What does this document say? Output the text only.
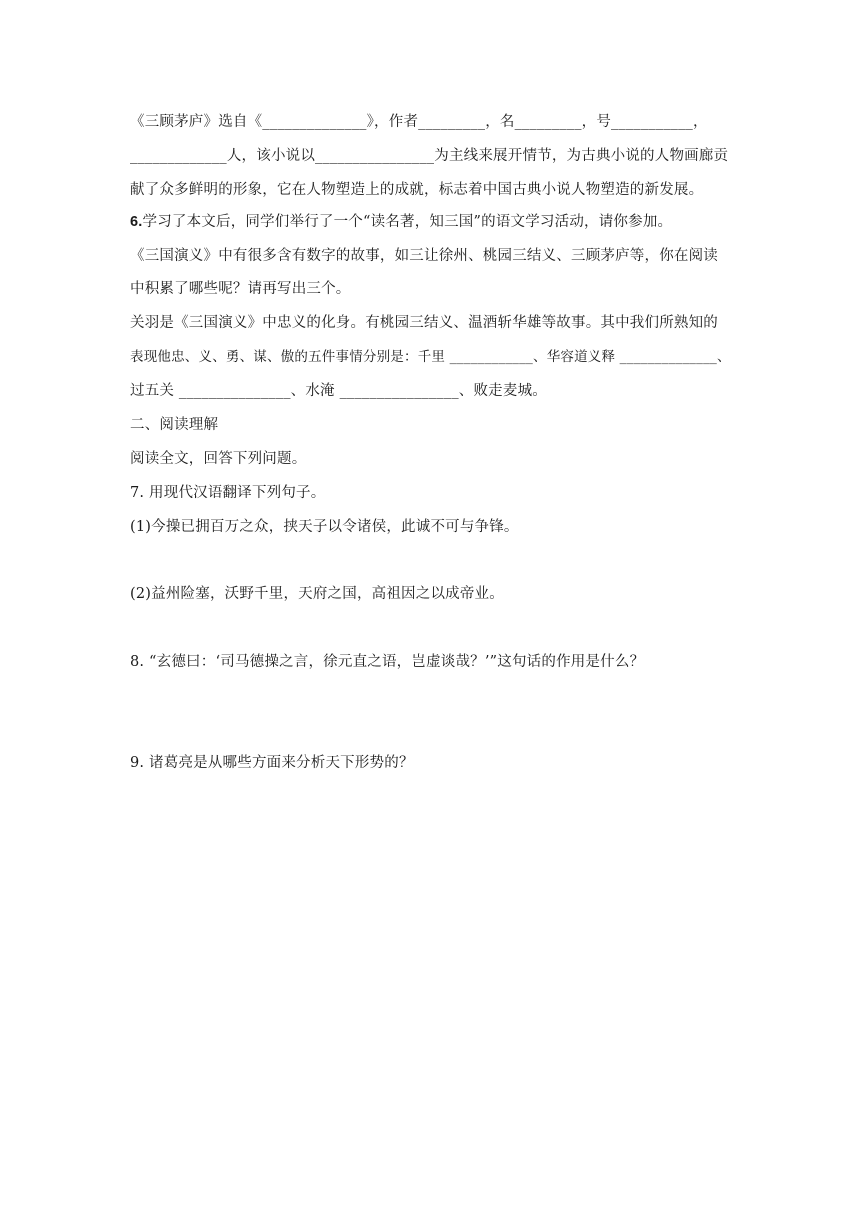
《三顾茅庐》选自《______________》，作者_________，名_________，号___________，
_____________人，该小说以________________为主线来展开情节，为古典小说的人物画廊贡
献了众多鲜明的形象，它在人物塑造上的成就，标志着中国古典小说人物塑造的新发展。
6.学习了本文后，同学们举行了一个“读名著，知三国”的语文学习活动，请你参加。
《三国演义》中有很多含有数字的故事，如三让徐州、桃园三结义、三顾茅庐等，你在阅读
中积累了哪些呢？请再写出三个。
关羽是《三国演义》中忠义的化身。有桃园三结义、温酒斩华雄等故事。其中我们所熟知的
表现他忠、义、勇、谋、傲的五件事情分别是：千里 ____________、华容道义释 ______________、
过五关 _______________、水淹 ________________、败走麦城。
二、阅读理解
阅读全文，回答下列问题。
7. 用现代汉语翻译下列句子。
(1)今操已拥百万之众，挟天子以令诸侯，此诚不可与争锋。
(2)益州险塞，沃野千里，天府之国，高祖因之以成帝业。
8. “玄德曰：‘司马德操之言，徐元直之语，岂虚谈哉？’”这句话的作用是什么？
9. 诸葛亮是从哪些方面来分析天下形势的？
